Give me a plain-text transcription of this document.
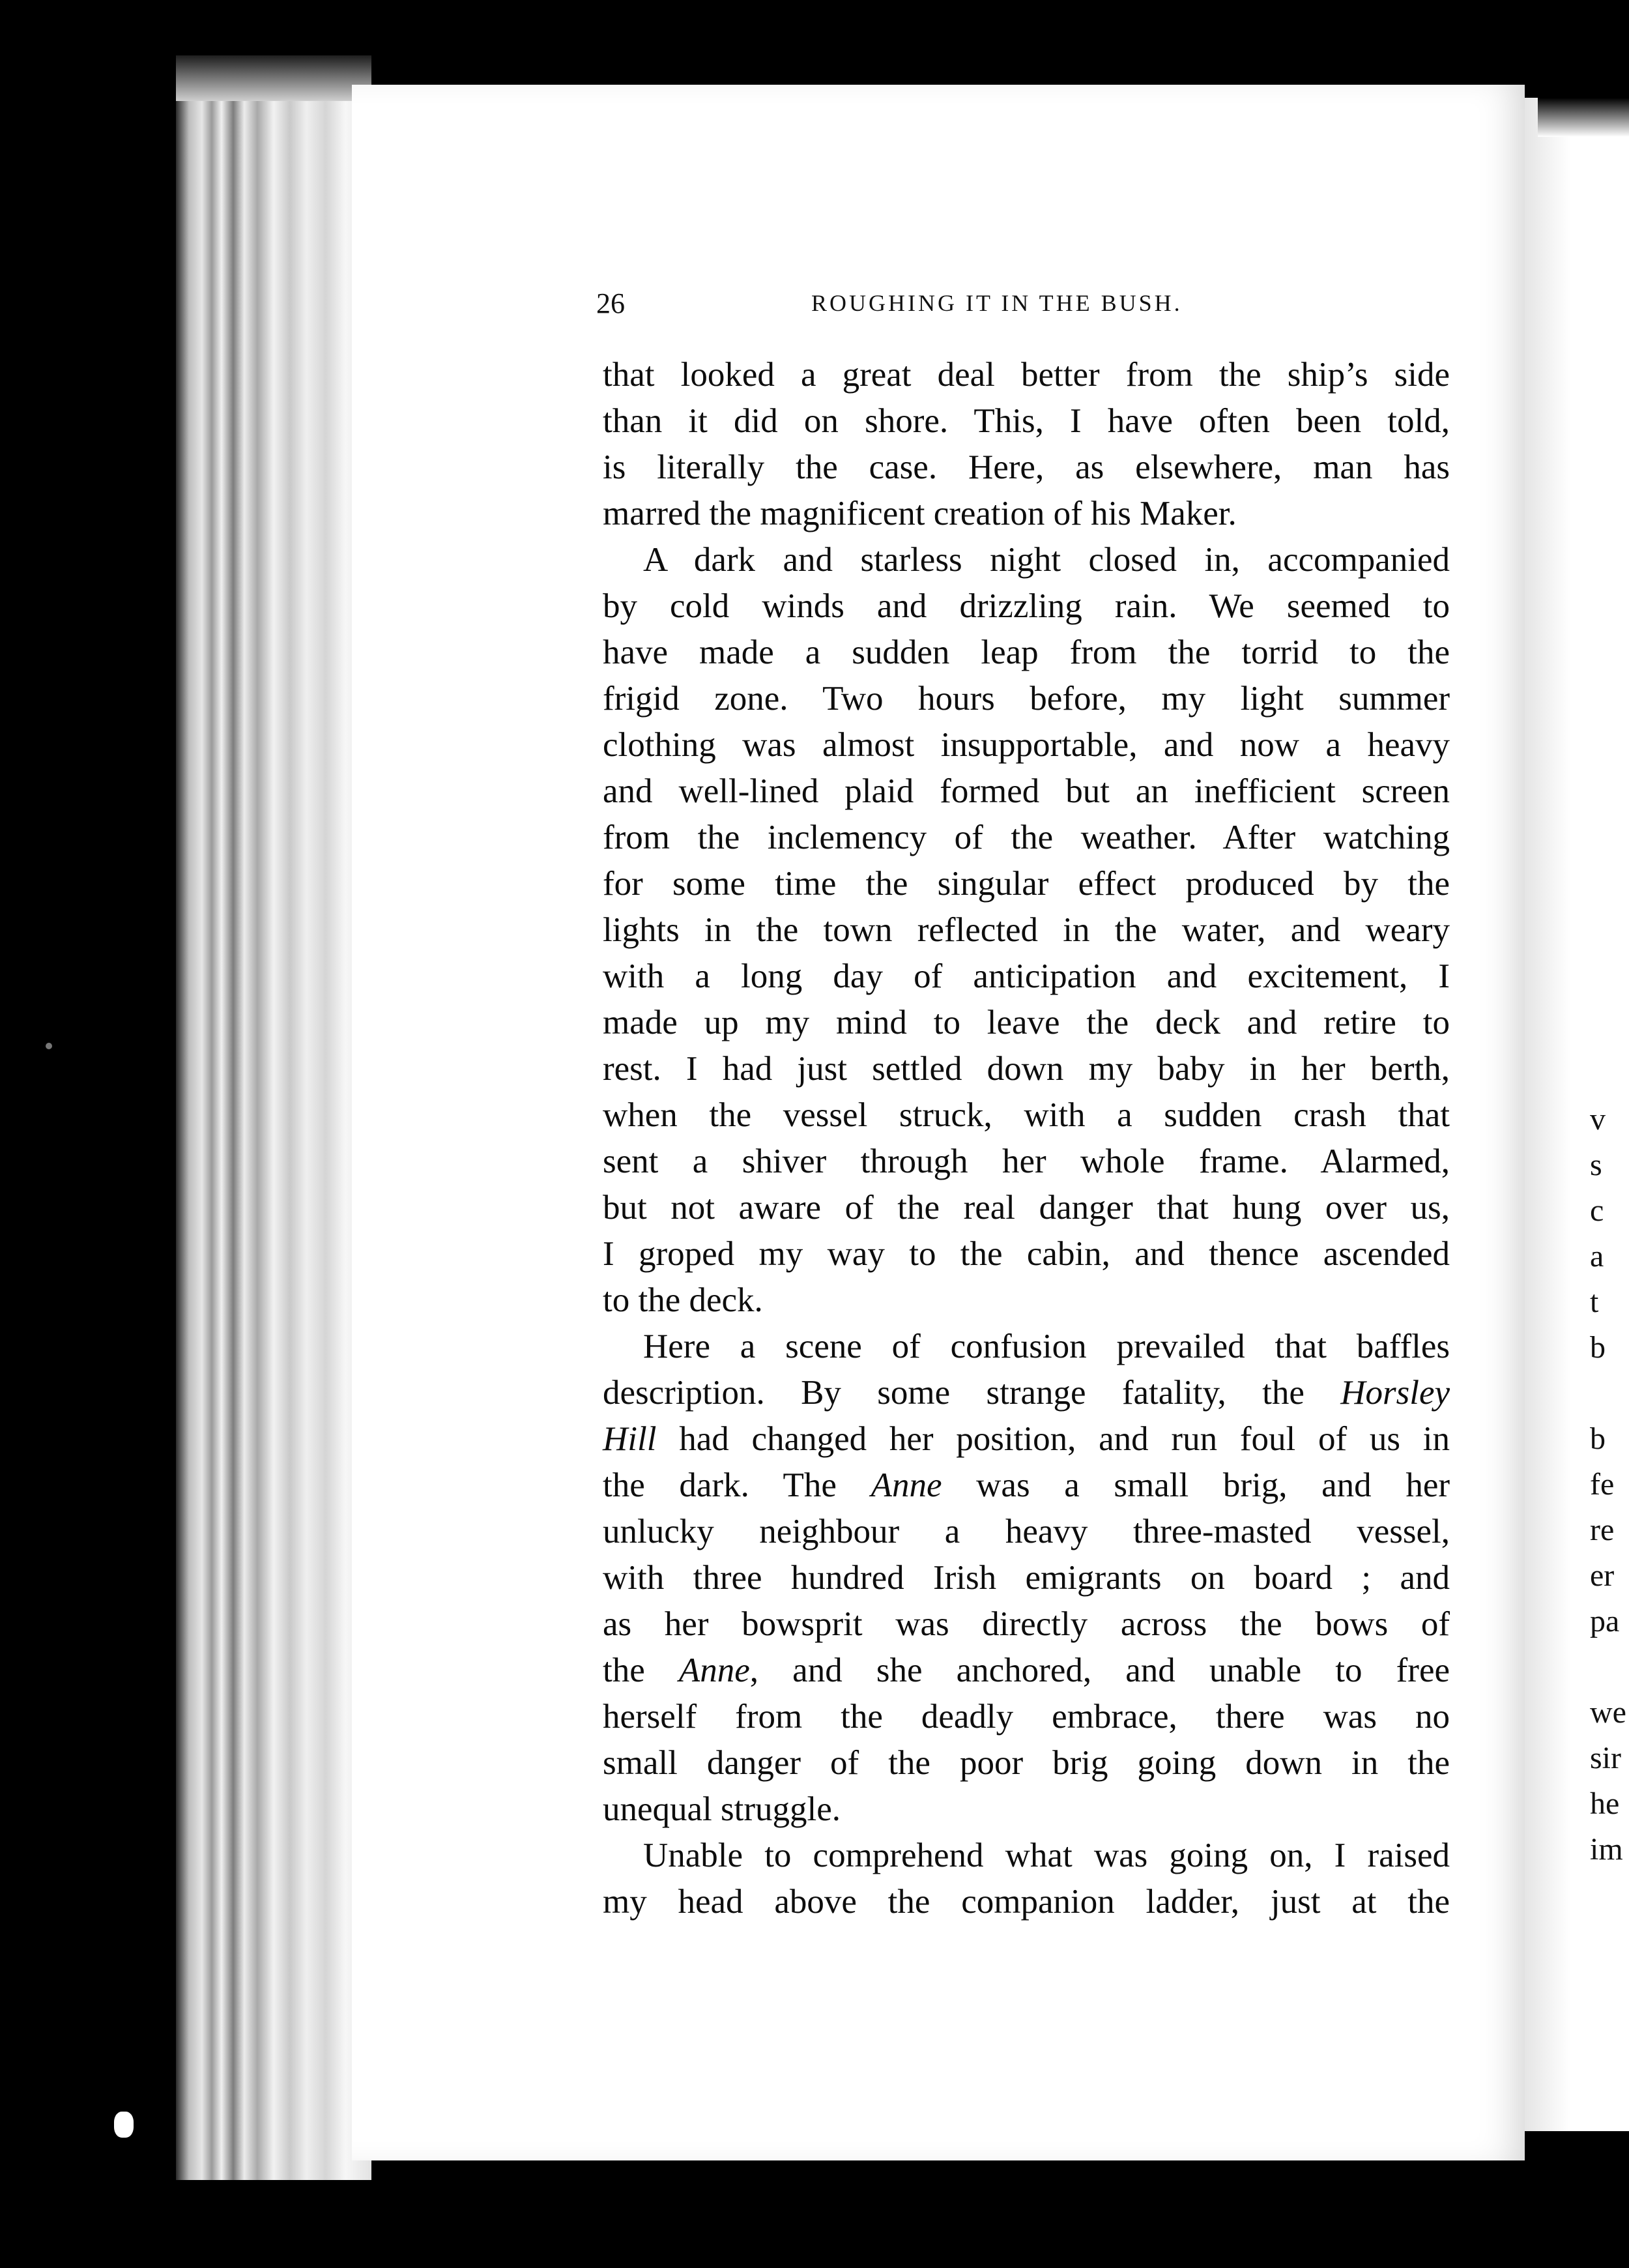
v
s
c
a
t
b
b
fe
re
er
pa
we
sir
he
im
26	ROUGHING IT IN THE BUSH.
that looked a great deal better from the ship’s side
than it did on shore. This, I have often been told,
is literally the case. Here, as elsewhere, man has
marred the magnificent creation of his Maker.
A dark and starless night closed in, accompanied
by cold winds and drizzling rain. We seemed to
have made a sudden leap from the torrid to the
frigid zone. Two hours before, my light summer
clothing was almost insupportable, and now a heavy
and well-lined plaid formed but an inefficient screen
from the inclemency of the weather. After watching
for some time the singular effect produced by the
lights in the town reflected in the water, and weary
with a long day of anticipation and excitement, I
made up my mind to leave the deck and retire to
rest. I had just settled down my baby in her berth,
when the vessel struck, with a sudden crash that
sent a shiver through her whole frame. Alarmed,
but not aware of the real danger that hung over us,
I groped my way to the cabin, and thence ascended
to the deck.
Here a scene of confusion prevailed that baffles
description. By some strange fatality, the Horsley
Hill had changed her position, and run foul of us in
the dark. The Anne was a small brig, and her
unlucky neighbour a heavy three-masted vessel,
with three hundred Irish emigrants on board ; and
as her bowsprit was directly across the bows of
the Anne, and she anchored, and unable to free
herself from the deadly embrace, there was no
small danger of the poor brig going down in the
unequal struggle.
Unable to comprehend what was going on, I raised
my head above the companion ladder, just at the
